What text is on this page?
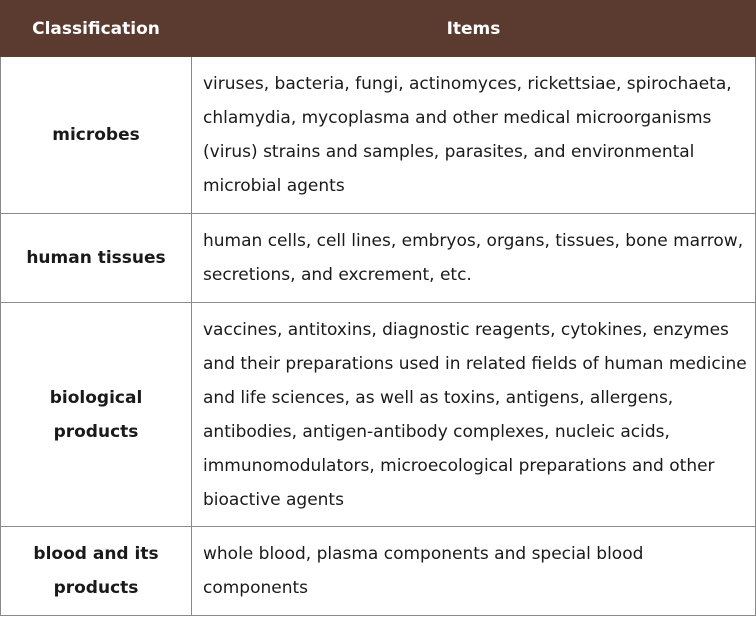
Classification	Items
microbes	viruses, bacteria, fungi, actinomyces, rickettsiae, spirochaeta, chlamydia, mycoplasma and other medical microorganisms (virus) strains and samples, parasites, and environmental microbial agents
human tissues	human cells, cell lines, embryos, organs, tissues, bone marrow, secretions, and excrement, etc.
biological products	vaccines, antitoxins, diagnostic reagents, cytokines, enzymes and their preparations used in related fields of human medicine and life sciences, as well as toxins, antigens, allergens, antibodies, antigen-antibody complexes, nucleic acids, immunomodulators, microecological preparations and other bioactive agents
blood and its products	whole blood, plasma components and special blood components
